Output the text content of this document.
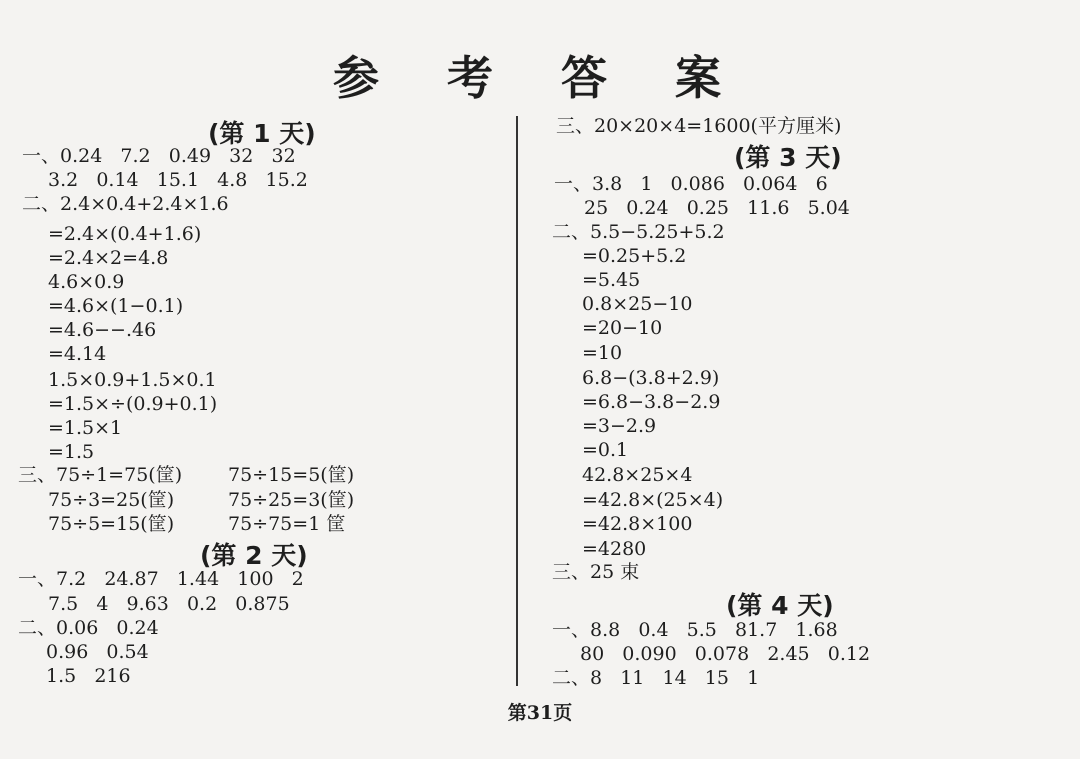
参 考 答 案
(第 1 天)
一、0.24   7.2   0.49   32   32
3.2   0.14   15.1   4.8   15.2
二、2.4×0.4+2.4×1.6
=2.4×(0.4+1.6)
=2.4×2=4.8
4.6×0.9
=4.6×(1−0.1)
=4.6−−.46
=4.14
1.5×0.9+1.5×0.1
=1.5×÷(0.9+0.1)
=1.5×1
=1.5
三、75÷1=75(筐) 75÷15=5(筐)
75÷3=25(筐)	75÷25=3(筐)
75÷5=15(筐)	75÷75=1 筐
(第 2 天)
一、7.2   24.87   1.44   100   2
7.5   4   9.63   0.2   0.875
二、0.06   0.24
0.96   0.54
1.5   216
三、20×20×4=1600(平方厘米)
(第 3 天)
一、3.8   1   0.086   0.064   6
25   0.24   0.25   11.6   5.04
二、5.5−5.25+5.2
=0.25+5.2
=5.45
0.8×25−10
=20−10
=10
6.8−(3.8+2.9)
=6.8−3.8−2.9
=3−2.9
=0.1
42.8×25×4
=42.8×(25×4)
=42.8×100
=4280
三、25 束
(第 4 天)
一、8.8   0.4   5.5   81.7   1.68
80   0.090   0.078   2.45   0.12
二、8   11   14   15   1
第31页
